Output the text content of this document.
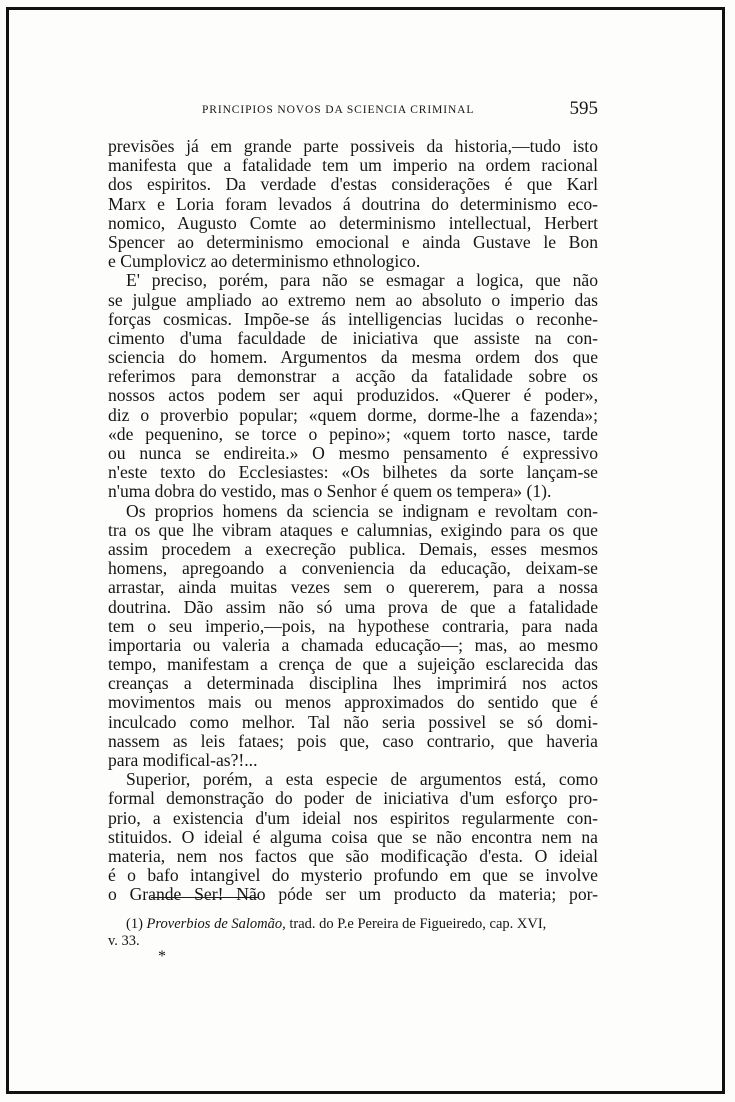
PRINCIPIOS NOVOS DA SCIENCIA CRIMINAL	595
previsões já em grande parte possiveis da historia,—tudo isto
manifesta que a fatalidade tem um imperio na ordem racional
dos espiritos. Da verdade d'estas considerações é que Karl
Marx e Loria foram levados á doutrina do determinismo eco-
nomico, Augusto Comte ao determinismo intellectual, Herbert
Spencer ao determinismo emocional e ainda Gustave le Bon
e Cumplovicz ao determinismo ethnologico.
E' preciso, porém, para não se esmagar a logica, que não
se julgue ampliado ao extremo nem ao absoluto o imperio das
forças cosmicas. Impõe-se ás intelligencias lucidas o reconhe-
cimento d'uma faculdade de iniciativa que assiste na con-
sciencia do homem. Argumentos da mesma ordem dos que
referimos para demonstrar a acção da fatalidade sobre os
nossos actos podem ser aqui produzidos. «Querer é poder»,
diz o proverbio popular; «quem dorme, dorme-lhe a fazenda»;
«de pequenino, se torce o pepino»; «quem torto nasce, tarde
ou nunca se endireita.» O mesmo pensamento é expressivo
n'este texto do Ecclesiastes: «Os bilhetes da sorte lançam-se
n'uma dobra do vestido, mas o Senhor é quem os tempera» (1).
Os proprios homens da sciencia se indignam e revoltam con-
tra os que lhe vibram ataques e calumnias, exigindo para os que
assim procedem a execreção publica. Demais, esses mesmos
homens, apregoando a conveniencia da educação, deixam-se
arrastar, ainda muitas vezes sem o quererem, para a nossa
doutrina. Dão assim não só uma prova de que a fatalidade
tem o seu imperio,—pois, na hypothese contraria, para nada
importaria ou valeria a chamada educação—; mas, ao mesmo
tempo, manifestam a crença de que a sujeição esclarecida das
creanças a determinada disciplina lhes imprimirá nos actos
movimentos mais ou menos approximados do sentido que é
inculcado como melhor. Tal não seria possivel se só domi-
nassem as leis fataes; pois que, caso contrario, que haveria
para modifical-as?!...
Superior, porém, a esta especie de argumentos está, como
formal demonstração do poder de iniciativa d'um esforço pro-
prio, a existencia d'um ideial nos espiritos regularmente con-
stituidos. O ideial é alguma coisa que se não encontra nem na
materia, nem nos factos que são modificação d'esta. O ideial
é o bafo intangivel do mysterio profundo em que se involve
o Grande Ser! Não póde ser um producto da materia; por-
(1) Proverbios de Salomão, trad. do P.e Pereira de Figueiredo, cap. XVI,
v. 33.
*
